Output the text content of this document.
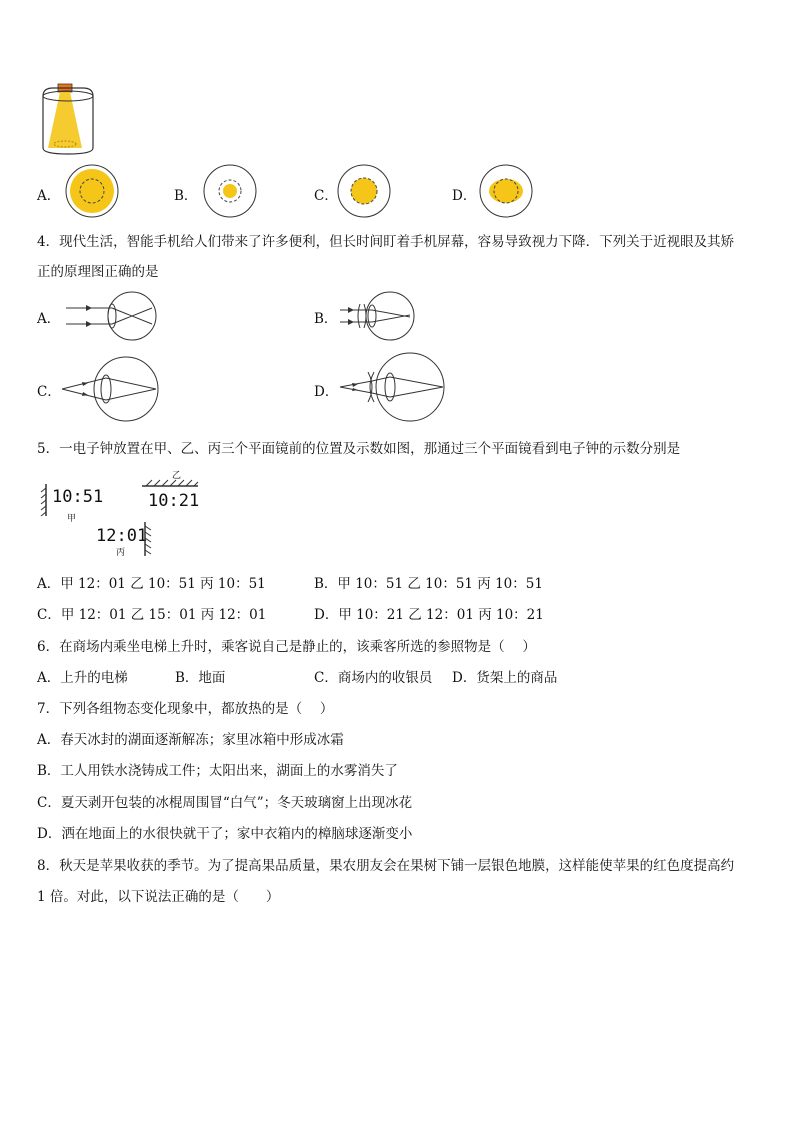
A．	B．	C．	D．
4．现代生活，智能手机给人们带来了许多便利，但长时间盯着手机屏幕，容易导致视力下降．下列关于近视眼及其矫
正的原理图正确的是
A．	B．
C．	D．
5．一电子钟放置在甲、乙、丙三个平面镜前的位置及示数如图，那通过三个平面镜看到电子钟的示数分别是
10:51
甲
乙
10:21
12:01
丙
A．甲 12：01 乙 10：51 丙 10：51	B．甲 10：51 乙 10：51 丙 10：51
C．甲 12：01 乙 15：01 丙 12：01	D．甲 10：21 乙 12：01 丙 10：21
6．在商场内乘坐电梯上升时，乘客说自己是静止的，该乘客所选的参照物是（　 ）
A．上升的电梯	B．地面	C．商场内的收银员 D．货架上的商品
7．下列各组物态变化现象中，都放热的是（　 ）
A．春天冰封的湖面逐渐解冻；家里冰箱中形成冰霜
B．工人用铁水浇铸成工件；太阳出来，湖面上的水雾消失了
C．夏天剥开包装的冰棍周围冒“白气”；冬天玻璃窗上出现冰花
D．洒在地面上的水很快就干了；家中衣箱内的樟脑球逐渐变小
8．秋天是苹果收获的季节。为了提高果品质量，果农朋友会在果树下铺一层银色地膜，这样能使苹果的红色度提高约
1 倍。对此，以下说法正确的是（　　）
